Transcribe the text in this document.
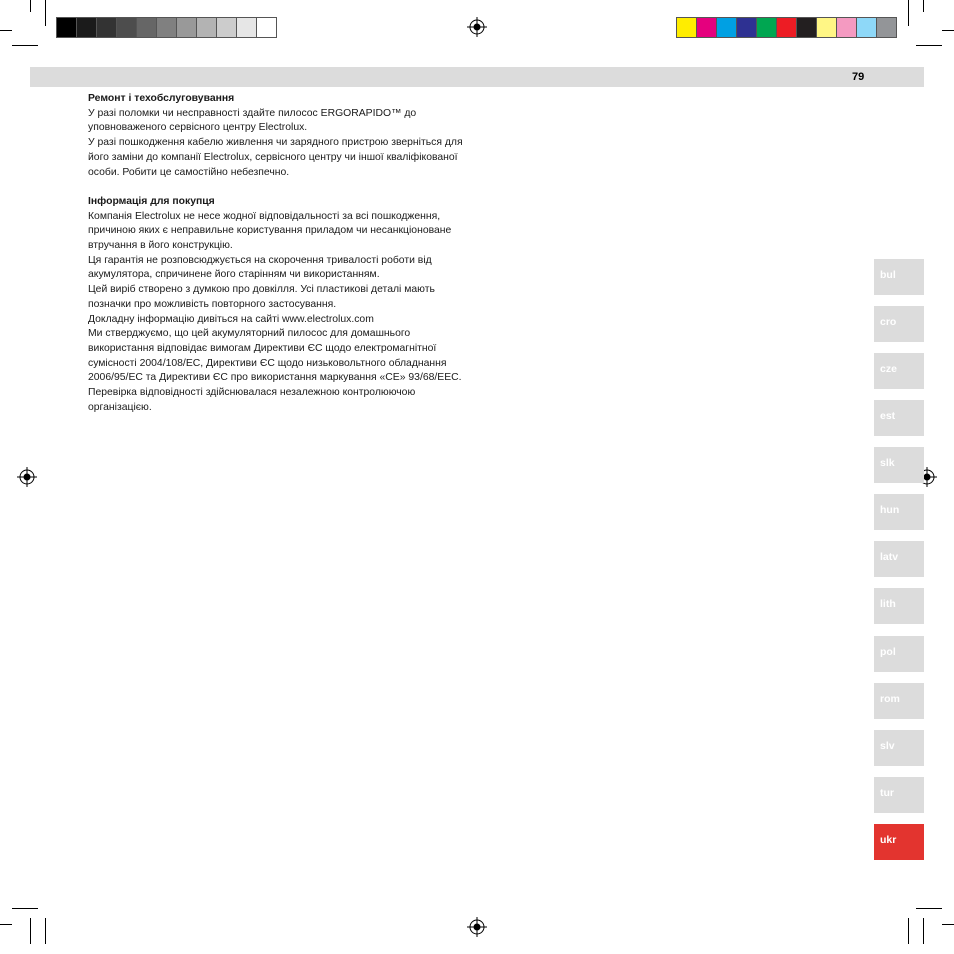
79
Ремонт і техобслуговування

У разі поломки чи несправності здайте пилосос ERGORAPIDO™ до уповноваженого сервісного центру Electrolux.

У разі пошкодження кабелю живлення чи зарядного пристрою зверніться для його заміни до компанії Electrolux, сервісного центру чи іншої кваліфікованої особи. Робити це самостійно небезпечно.

Інформація для покупця

Компанія Electrolux не несе жодної відповідальності за всі пошкодження, причиною яких є неправильне користування приладом чи несанкціоноване втручання в його конструкцію.

Ця гарантія не розповсюджується на скорочення тривалості роботи від акумулятора, спричинене його старінням чи використанням.

Цей виріб створено з думкою про довкілля. Усі пластикові деталі мають позначки про можливість повторного застосування.

Докладну інформацію дивіться на сайті www.electrolux.com

Ми стверджуємо, що цей акумуляторний пилосос для домашнього використання відповідає вимогам Директиви ЄС щодо електромагнітної сумісності 2004/108/EC, Директиви ЄС щодо низьковольтного обладнання 2006/95/EC та Директиви ЄС про використання маркування «CE» 93/68/EEC. Перевірка відповідності здійснювалася незалежною контролюючою організацією.

bul
cro
cze
est
slk
hun
latv
lith
pol
rom
slv
tur
ukr
